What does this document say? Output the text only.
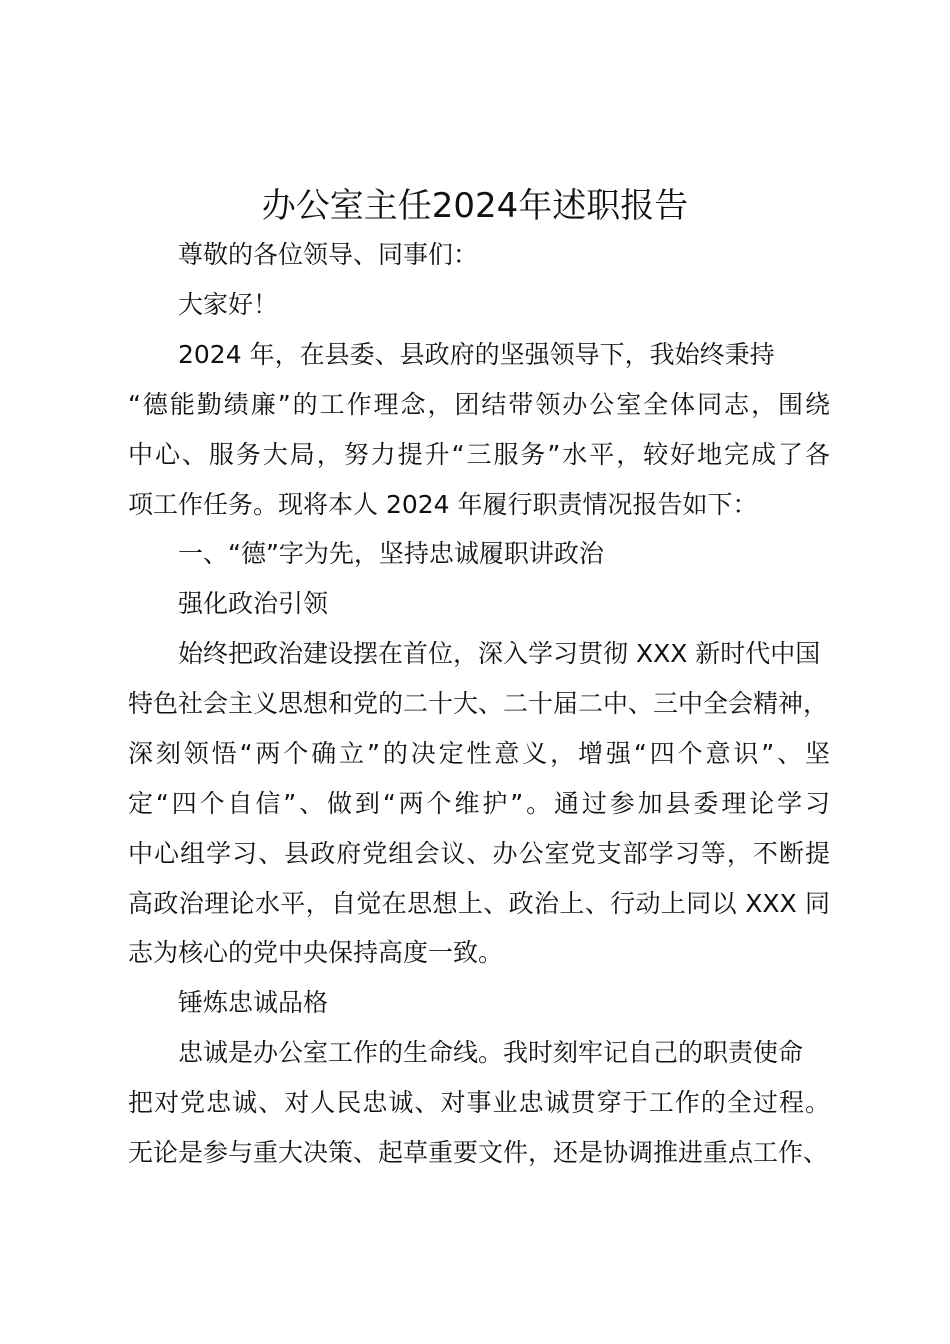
办公室主任2024年述职报告
尊敬的各位领导、同事们：
大家好！
2024 年，在县委、县政府的坚强领导下，我始终秉持
“德能勤绩廉”的工作理念，团结带领办公室全体同志，围绕
中心、服务大局，努力提升“三服务”水平，较好地完成了各
项工作任务。现将本人 2024 年履行职责情况报告如下：
一、“德”字为先，坚持忠诚履职讲政治
强化政治引领
始终把政治建设摆在首位，深入学习贯彻 XXX 新时代中国
特色社会主义思想和党的二十大、二十届二中、三中全会精神，
深刻领悟“两个确立”的决定性意义，增强“四个意识”、坚
定“四个自信”、做到“两个维护”。通过参加县委理论学习
中心组学习、县政府党组会议、办公室党支部学习等，不断提
高政治理论水平，自觉在思想上、政治上、行动上同以 XXX 同
志为核心的党中央保持高度一致。
锤炼忠诚品格
忠诚是办公室工作的生命线。我时刻牢记自己的职责使命
把对党忠诚、对人民忠诚、对事业忠诚贯穿于工作的全过程。
无论是参与重大决策、起草重要文件，还是协调推进重点工作、
